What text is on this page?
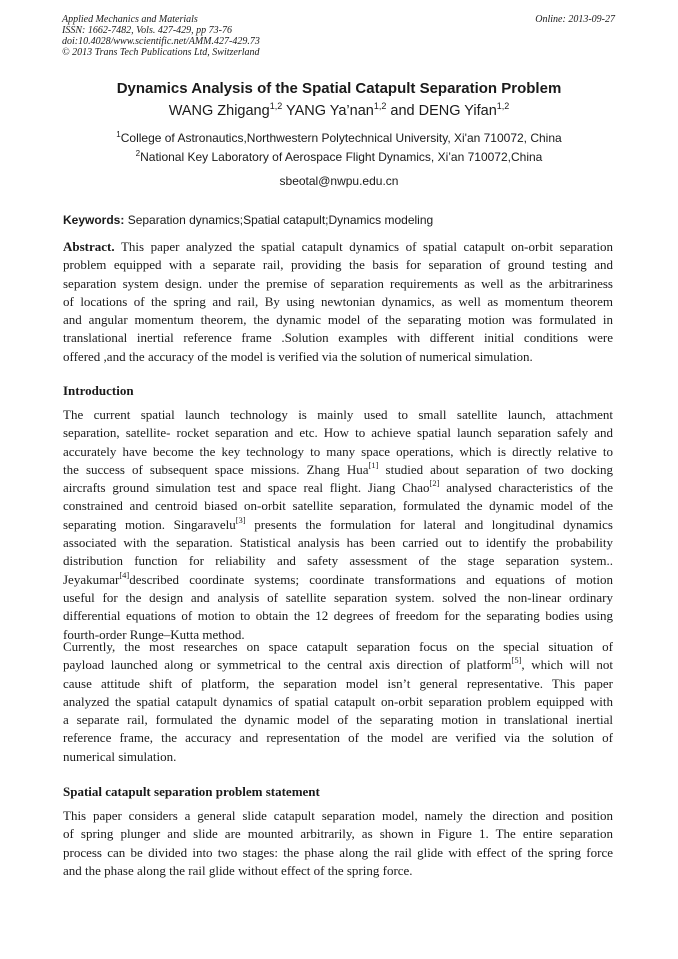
Applied Mechanics and Materials
ISSN: 1662-7482, Vols. 427-429, pp 73-76
doi:10.4028/www.scientific.net/AMM.427-429.73
© 2013 Trans Tech Publications Ltd, Switzerland
Online: 2013-09-27
Dynamics Analysis of the Spatial Catapult Separation Problem
WANG Zhigang$^{1,2}$ YANG Ya’nan$^{1,2}$ and DENG Yifan$^{1,2}$
$^1$College of Astronautics,Northwestern Polytechnical University, Xi'an 710072, China
$^2$National Key Laboratory of Aerospace Flight Dynamics, Xi’an 710072,China
sbeotal@nwpu.edu.cn
Keywords: Separation dynamics;Spatial catapult;Dynamics modeling
Abstract. This paper analyzed the spatial catapult dynamics of spatial catapult on-orbit separation
problem equipped with a separate rail, providing the basis for separation of ground testing and
separation system design. under the premise of separation requirements as well as the arbitrariness
of locations of the spring and rail, By using newtonian dynamics, as well as momentum theorem
and angular momentum theorem, the dynamic model of the separating motion was formulated in
translational inertial reference frame .Solution examples with different initial conditions were
offered ,and the accuracy of the model is verified via the solution of numerical simulation.
Introduction
The current spatial launch technology is mainly used to small satellite launch, attachment
separation, satellite- rocket separation and etc. How to achieve spatial launch separation safely and
accurately have become the key technology to many space operations, which is directly relative to
the success of subsequent space missions. Zhang Hua[1] studied about separation of two docking
aircrafts ground simulation test and space real flight. Jiang Chao[2] analysed characteristics of the
constrained and centroid biased on-orbit satellite separation, formulated the dynamic model of the
separating motion. Singaravelu[3] presents the formulation for lateral and longitudinal dynamics
associated with the separation. Statistical analysis has been carried out to identify the probability
distribution function for reliability and safety assessment of the stage separation system..
Jeyakumar[4]described coordinate systems; coordinate transformations and equations of motion
useful for the design and analysis of satellite separation system. solved the non-linear ordinary
differential equations of motion to obtain the 12 degrees of freedom for the separating bodies using
fourth-order Runge–Kutta method.
Currently, the most researches on space catapult separation focus on the special situation of
payload launched along or symmetrical to the central axis direction of platform[5], which will not
cause attitude shift of platform, the separation model isn’t general representative. This paper
analyzed the spatial catapult dynamics of spatial catapult on-orbit separation problem equipped with
a separate rail, formulated the dynamic model of the separating motion in translational inertial
reference frame, the accuracy and representation of the model are verified via the solution of
numerical simulation.
Spatial catapult separation problem statement
This paper considers a general slide catapult separation model, namely the direction and position
of spring plunger and slide are mounted arbitrarily, as shown in Figure 1. The entire separation
process can be divided into two stages: the phase along the rail glide with effect of the spring force
and the phase along the rail glide without effect of the spring force.
